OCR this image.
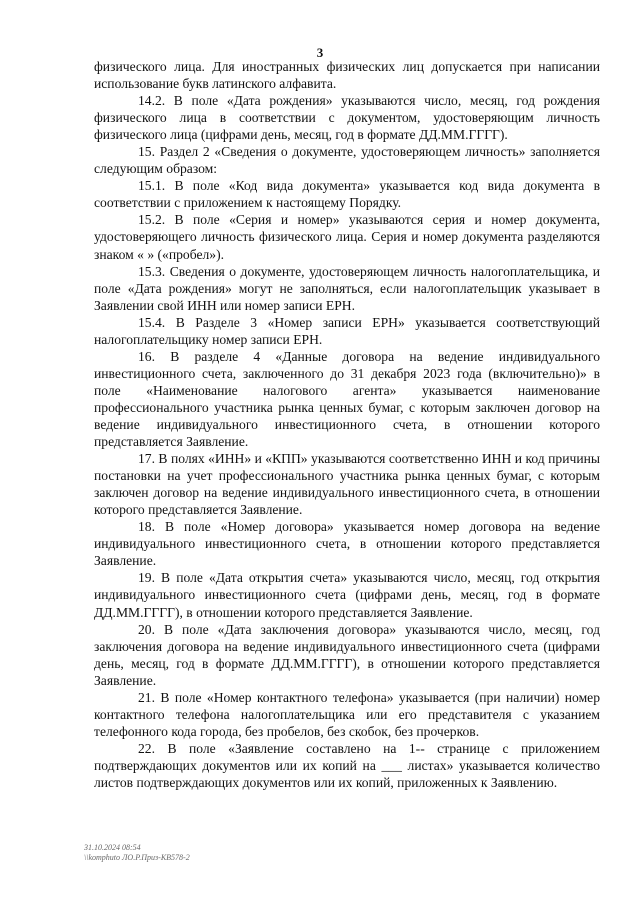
3

физического лица. Для иностранных физических лиц допускается при написании использование букв латинского алфавита.

14.2. В поле «Дата рождения» указываются число, месяц, год рождения физического лица в соответствии с документом, удостоверяющим личность физического лица (цифрами день, месяц, год в формате ДД.ММ.ГГГГ).

15. Раздел 2 «Сведения о документе, удостоверяющем личность» заполняется следующим образом:

15.1. В поле «Код вида документа» указывается код вида документа в соответствии с приложением к настоящему Порядку.

15.2. В поле «Серия и номер» указываются серия и номер документа, удостоверяющего личность физического лица. Серия и номер документа разделяются знаком « » («пробел»).

15.3. Сведения о документе, удостоверяющем личность налогоплательщика, и поле «Дата рождения» могут не заполняться, если налогоплательщик указывает в Заявлении свой ИНН или номер записи ЕРН.

15.4. В Разделе 3 «Номер записи ЕРН» указывается соответствующий налогоплательщику номер записи ЕРН.

16. В разделе 4 «Данные договора на ведение индивидуального инвестиционного счета, заключенного до 31 декабря 2023 года (включительно)» в поле «Наименование налогового агента» указывается наименование профессионального участника рынка ценных бумаг, с которым заключен договор на ведение индивидуального инвестиционного счета, в отношении которого представляется Заявление.

17. В полях «ИНН» и «КПП» указываются соответственно ИНН и код причины постановки на учет профессионального участника рынка ценных бумаг, с которым заключен договор на ведение индивидуального инвестиционного счета, в отношении которого представляется Заявление.

18. В поле «Номер договора» указывается номер договора на ведение индивидуального инвестиционного счета, в отношении которого представляется Заявление.

19. В поле «Дата открытия счета» указываются число, месяц, год открытия индивидуального инвестиционного счета (цифрами день, месяц, год в формате ДД.ММ.ГГГГ), в отношении которого представляется Заявление.

20. В поле «Дата заключения договора» указываются число, месяц, год заключения договора на ведение индивидуального инвестиционного счета (цифрами день, месяц, год в формате ДД.ММ.ГГГГ), в отношении которого представляется Заявление.

21. В поле «Номер контактного телефона» указывается (при наличии) номер контактного телефона налогоплательщика или его представителя с указанием телефонного кода города, без пробелов, без скобок, без прочерков.

22. В поле «Заявление составлено на 1-- странице с приложением подтверждающих документов или их копий на ___ листах» указывается количество листов подтверждающих документов или их копий, приложенных к Заявлению.

31.10.2024 08:54
\\komphuto ЛО.Р.Приз-КВ578-2
